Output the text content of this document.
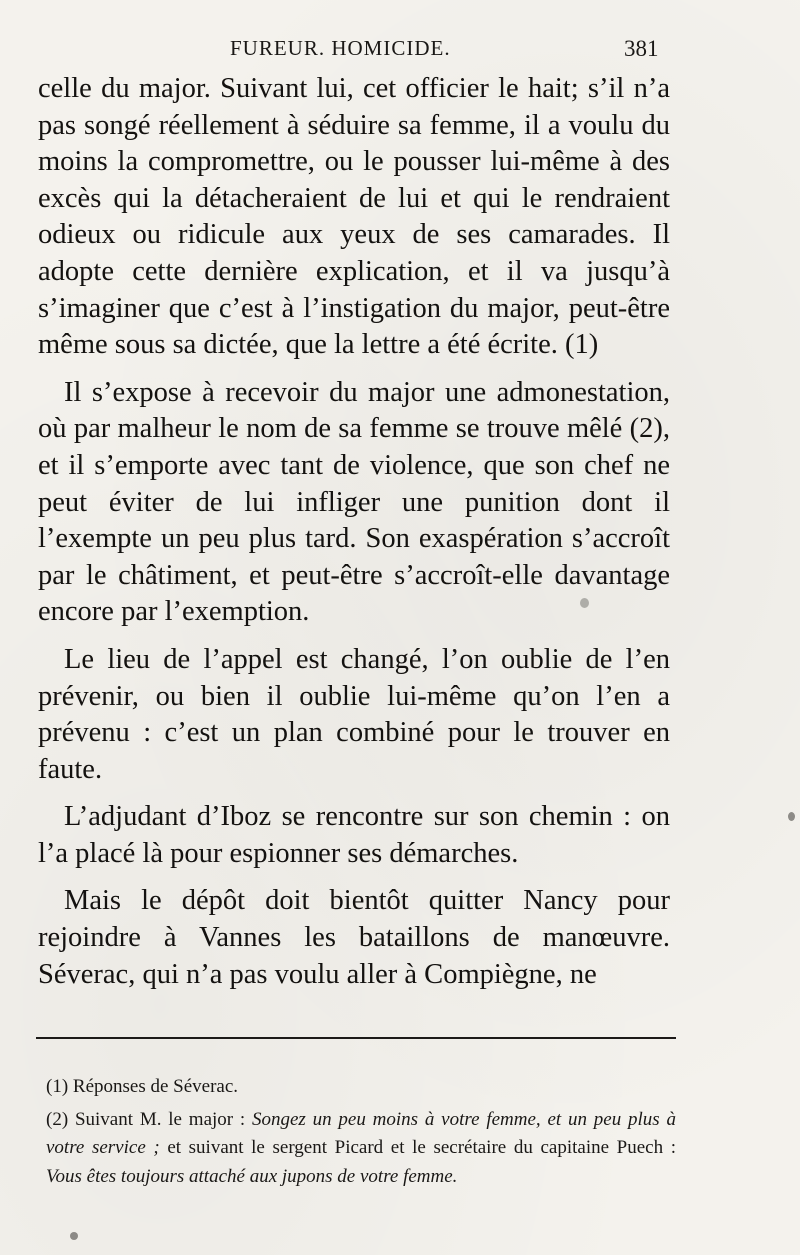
FUREUR. HOMICIDE.	381

celle du major. Suivant lui, cet officier le hait; s’il n’a pas songé réellement à séduire sa femme, il a voulu du moins la compromettre, ou le pousser lui-même à des excès qui la détacheraient de lui et qui le rendraient odieux ou ridicule aux yeux de ses camarades. Il adopte cette dernière explication, et il va jusqu’à s’imaginer que c’est à l’instigation du major, peut-être même sous sa dictée, que la lettre a été écrite. (1)

Il s’expose à recevoir du major une admonestation, où par malheur le nom de sa femme se trouve mêlé (2), et il s’emporte avec tant de violence, que son chef ne peut éviter de lui infliger une punition dont il l’exempte un peu plus tard. Son exaspération s’accroît par le châtiment, et peut-être s’accroît-elle davantage encore par l’exemption.

Le lieu de l’appel est changé, l’on oublie de l’en prévenir, ou bien il oublie lui-même qu’on l’en a prévenu : c’est un plan combiné pour le trouver en faute.

L’adjudant d’Iboz se rencontre sur son chemin : on l’a placé là pour espionner ses démarches.

Mais le dépôt doit bientôt quitter Nancy pour rejoindre à Vannes les bataillons de manœuvre. Séverac, qui n’a pas voulu aller à Compiègne, ne

(1) Réponses de Séverac.

(2) Suivant M. le major : Songez un peu moins à votre femme, et un peu plus à votre service ; et suivant le sergent Picard et le secrétaire du capitaine Puech : Vous êtes toujours attaché aux jupons de votre femme.
